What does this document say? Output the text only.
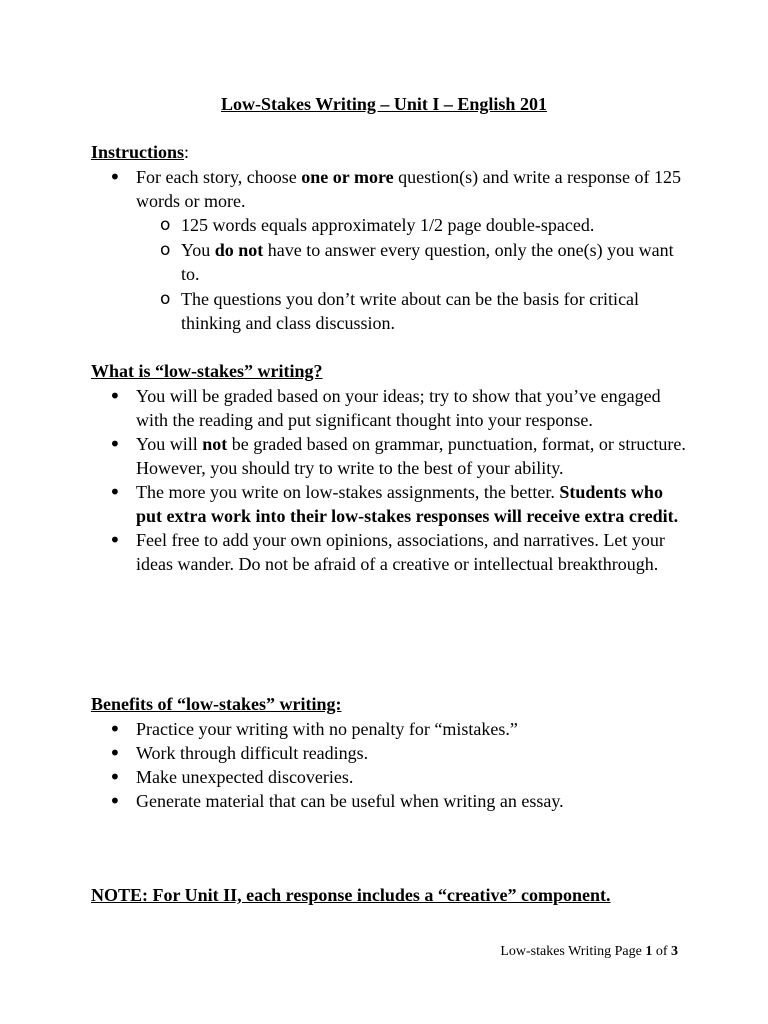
Low-Stakes Writing – Unit I – English 201
Instructions:
• For each story, choose one or more question(s) and write a response of 125 words or more.
o 125 words equals approximately 1/2 page double-spaced.
o You do not have to answer every question, only the one(s) you want to.
o The questions you don’t write about can be the basis for critical thinking and class discussion.
What is “low-stakes” writing?
• You will be graded based on your ideas; try to show that you’ve engaged with the reading and put significant thought into your response.
• You will not be graded based on grammar, punctuation, format, or structure. However, you should try to write to the best of your ability.
• The more you write on low-stakes assignments, the better. Students who put extra work into their low-stakes responses will receive extra credit.
• Feel free to add your own opinions, associations, and narratives. Let your ideas wander. Do not be afraid of a creative or intellectual breakthrough.
Benefits of “low-stakes” writing:
• Practice your writing with no penalty for “mistakes.”
• Work through difficult readings.
• Make unexpected discoveries.
• Generate material that can be useful when writing an essay.
NOTE: For Unit II, each response includes a “creative” component.
Low-stakes Writing Page 1 of 3
